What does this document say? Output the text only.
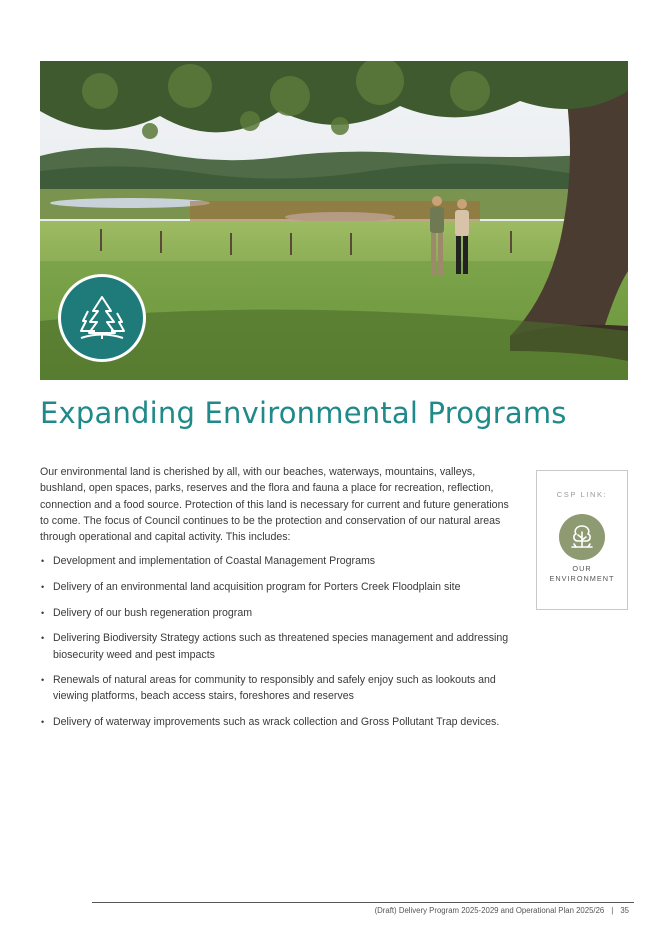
Expanding Environmental Programs

Our environmental land is cherished by all, with our beaches, waterways, mountains, valleys, bushland, open spaces, parks, reserves and the flora and fauna a place for recreation, reflection, connection and a food source. Protection of this land is necessary for current and future generations to come. The focus of Council continues to be the protection and conservation of our natural areas through operational and capital activity. This includes:

• Development and implementation of Coastal Management Programs
• Delivery of an environmental land acquisition program for Porters Creek Floodplain site
• Delivery of our bush regeneration program
• Delivering Biodiversity Strategy actions such as threatened species management and addressing biosecurity weed and pest impacts
• Renewals of natural areas for community to responsibly and safely enjoy such as lookouts and viewing platforms, beach access stairs, foreshores and reserves
• Delivery of waterway improvements such as wrack collection and Gross Pollutant Trap devices.
CSP LINK:
OUR
ENVIRONMENT
(Draft) Delivery Program 2025-2029 and Operational Plan 2025/26 | 35
